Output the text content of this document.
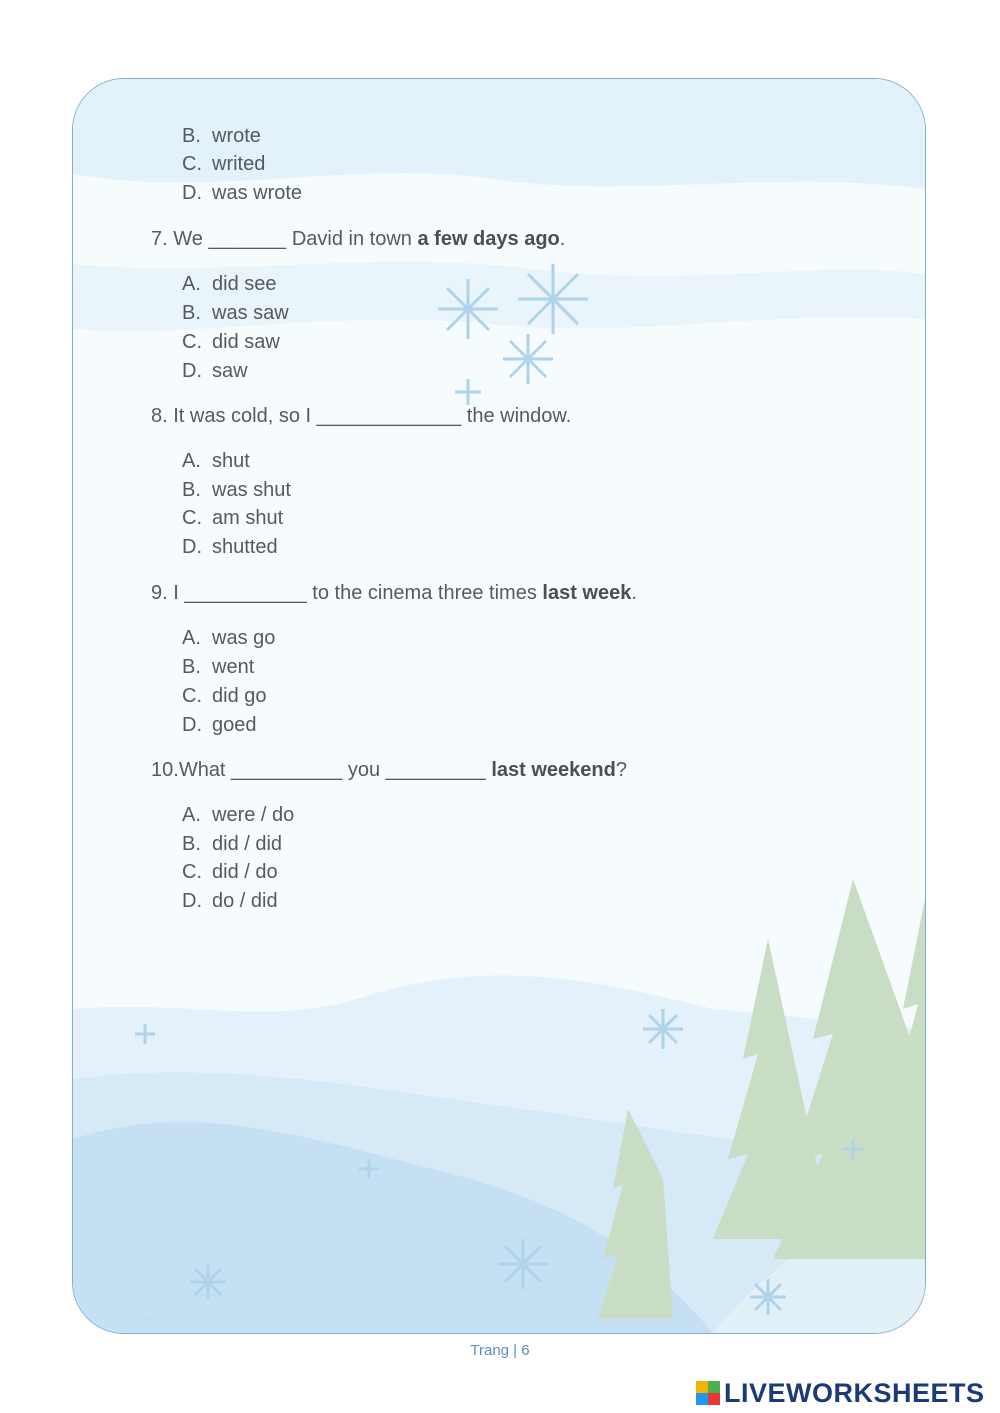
B. wrote
C. writed
D. was wrote
7. We _______ David in town a few days ago.
A. did see
B. was saw
C. did saw
D. saw
8. It was cold, so I _____________ the window.
A. shut
B. was shut
C. am shut
D. shutted
9. I ___________ to the cinema three times last week.
A. was go
B. went
C. did go
D. goed
10.What __________ you _________ last weekend?
A. were / do
B. did / did
C. did / do
D. do / did
Trang | 6
LIVEWORKSHEETS
